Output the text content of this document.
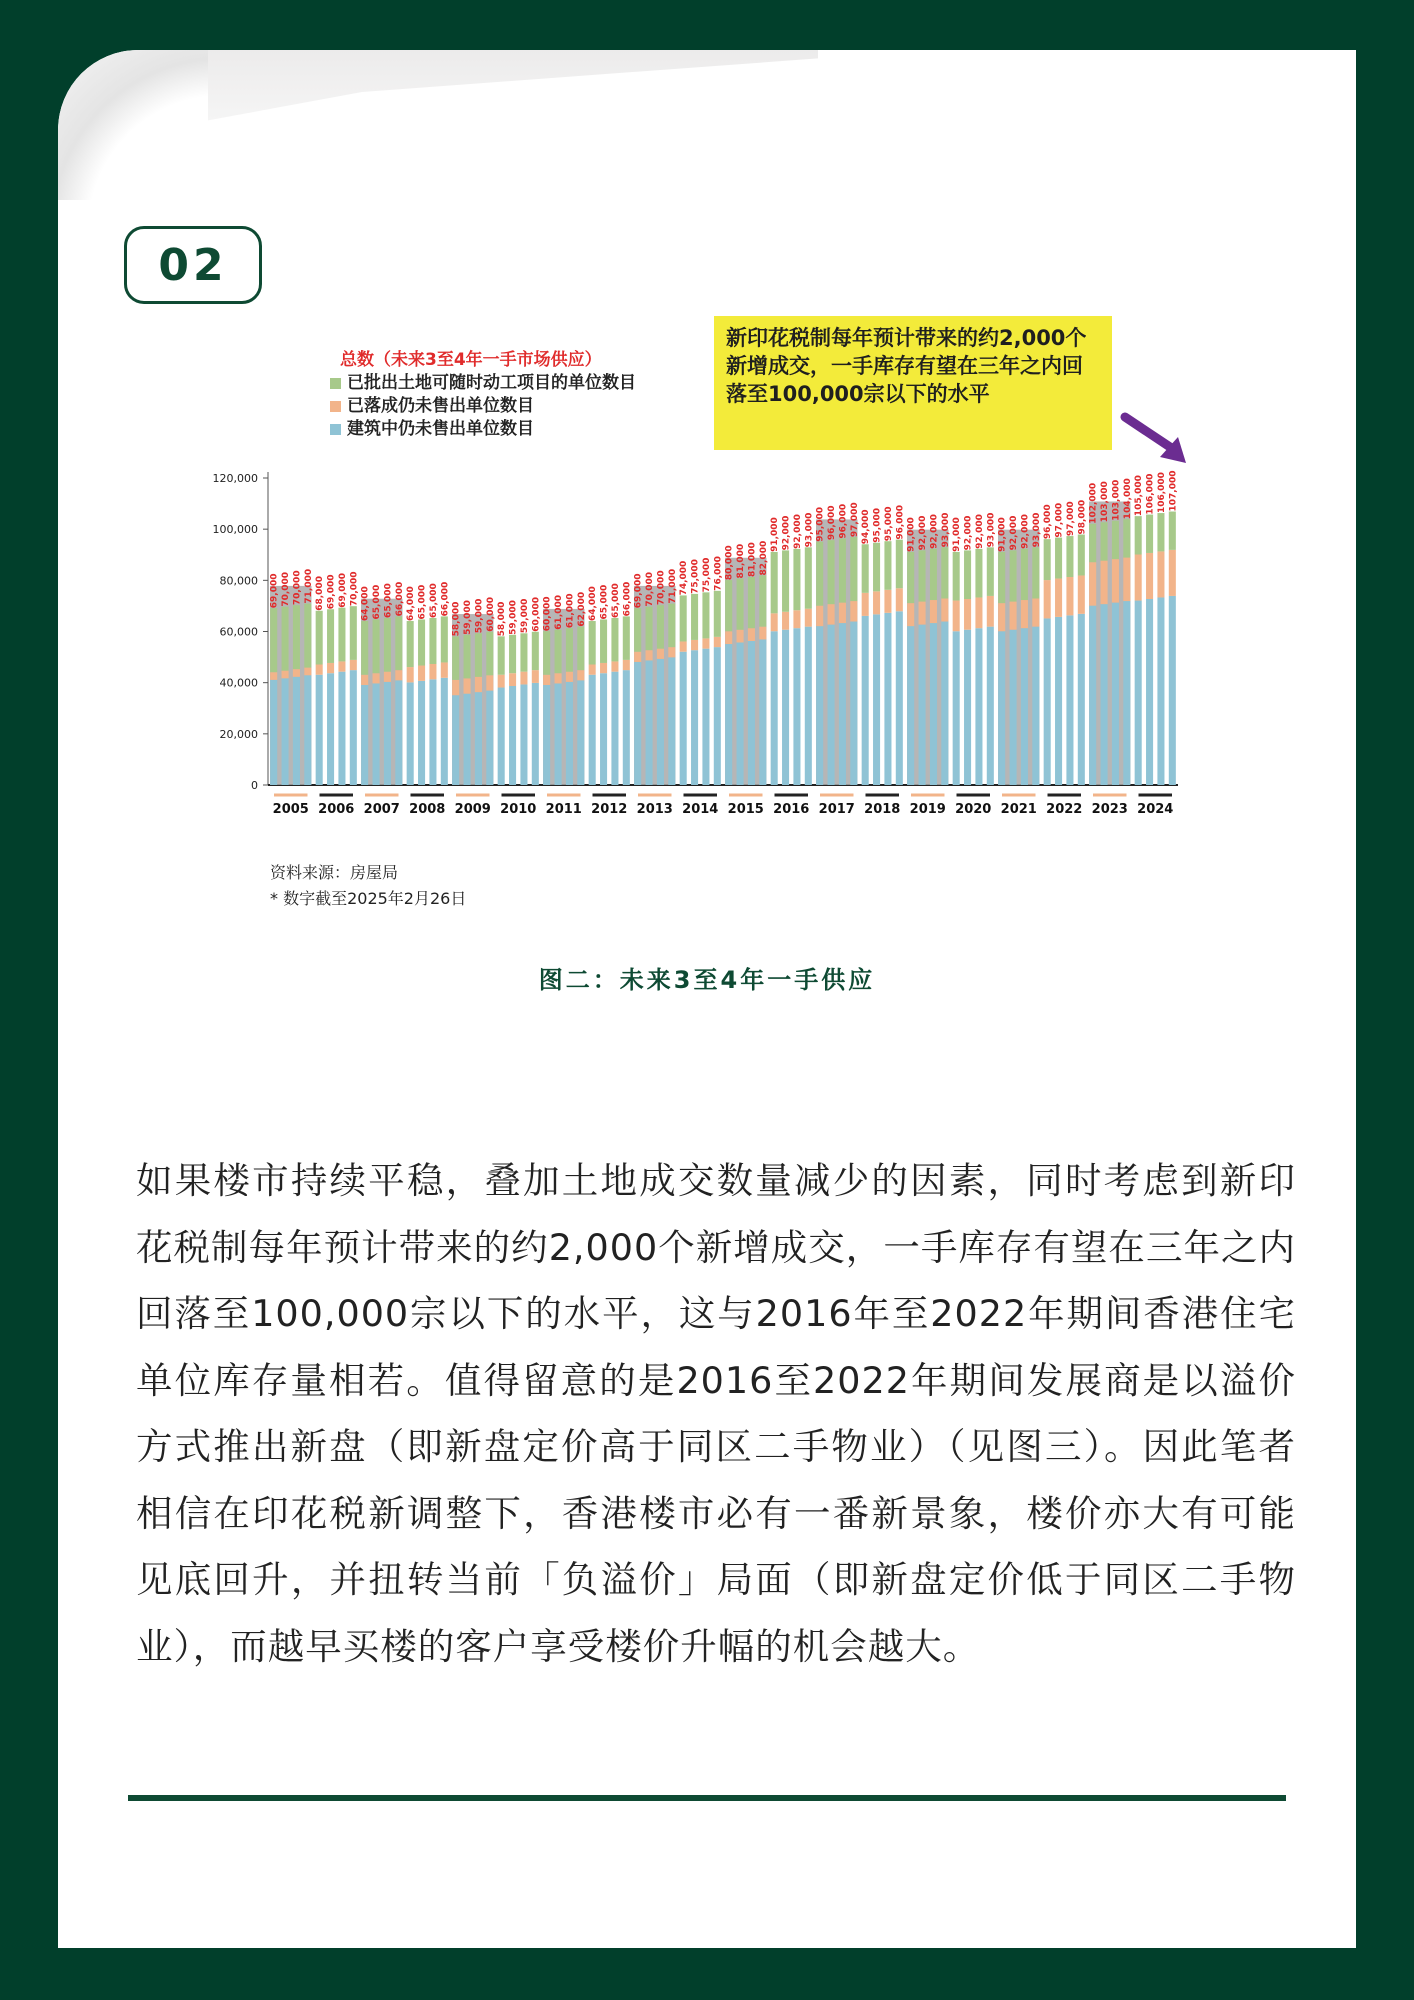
02
总数（未来3至4年一手市场供应）
已批出土地可随时动工项目的单位数目
已落成仍未售出单位数目
建筑中仍未售出单位数目
新印花税制每年预计带来的约2,000个新增成交，一手库存有望在三年之内回落至100,000宗以下的水平
0
20,000
40,000
60,000
80,000
100,000
120,000
69,000 70,000 70,000 71,000
2005
68,000 69,000 69,000 70,000
2006
64,000 65,000 65,000 66,000
2007
64,000 65,000 65,000 66,000
2008
58,000 59,000 59,000 60,000
2009
58,000 59,000 59,000 60,000
2010
60,000 61,000 61,000 62,000
2011
64,000 65,000 65,000 66,000
2012
69,000 70,000 70,000 71,000
2013
74,000 75,000 75,000 76,000
2014
80,000 81,000 81,000 82,000
2015
91,000 92,000 92,000 93,000
2016
95,000 96,000 96,000 97,000
2017
94,000 95,000 95,000 96,000
2018
91,000 92,000 92,000 93,000
2019
91,000 92,000 92,000 93,000
2020
91,000 92,000 92,000 93,000
2021
96,000 97,000 97,000 98,000
2022
102,000 103,000 103,000 104,000
2023
105,000 106,000 106,000 107,000
2024
资料来源：房屋局
* 数字截至2025年2月26日
图二：未来3至4年一手供应
如果楼市持续平稳，叠加土地成交数量减少的因素，同时考虑到新印花税制每年预计带来的约2,000个新增成交，一手库存有望在三年之内回落至100,000宗以下的水平，这与2016年至2022年期间香港住宅单位库存量相若。值得留意的是2016至2022年期间发展商是以溢价方式推出新盘（即新盘定价高于同区二手物业）（见图三）。因此笔者相信在印花税新调整下，香港楼市必有一番新景象，楼价亦大有可能见底回升，并扭转当前「负溢价」局面（即新盘定价低于同区二手物业），而越早买楼的客户享受楼价升幅的机会越大。
